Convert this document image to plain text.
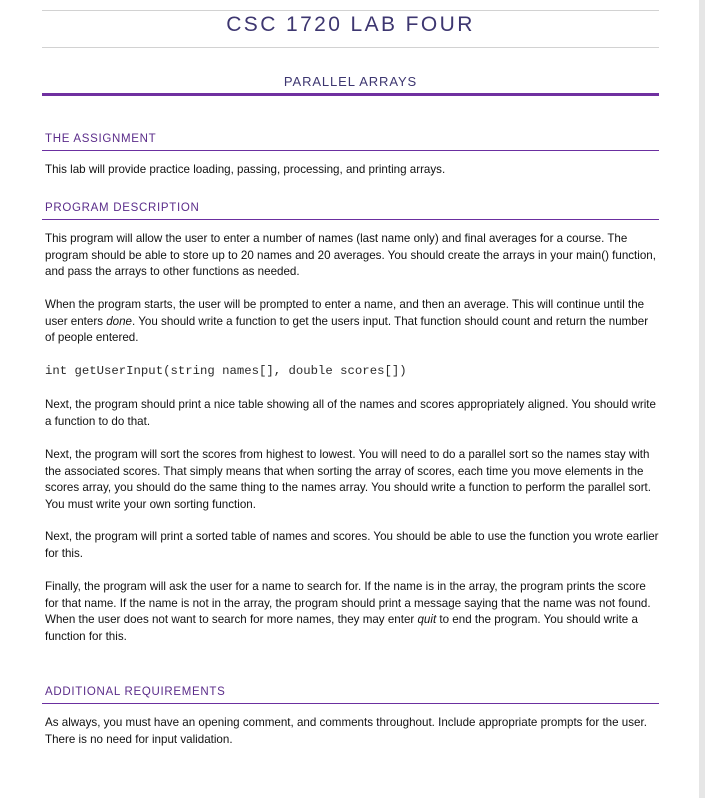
CSC 1720 LAB FOUR
PARALLEL ARRAYS
THE ASSIGNMENT
This lab will provide practice loading, passing, processing, and printing arrays.
PROGRAM DESCRIPTION
This program will allow the user to enter a number of names (last name only) and final averages for a course. The program should be able to store up to 20 names and 20 averages. You should create the arrays in your main() function, and pass the arrays to other functions as needed.
When the program starts, the user will be prompted to enter a name, and then an average. This will continue until the user enters done. You should write a function to get the users input. That function should count and return the number of people entered.
int getUserInput(string names[], double scores[])
Next, the program should print a nice table showing all of the names and scores appropriately aligned. You should write a function to do that.
Next, the program will sort the scores from highest to lowest. You will need to do a parallel sort so the names stay with the associated scores. That simply means that when sorting the array of scores, each time you move elements in the scores array, you should do the same thing to the names array. You should write a function to perform the parallel sort. You must write your own sorting function.
Next, the program will print a sorted table of names and scores. You should be able to use the function you wrote earlier for this.
Finally, the program will ask the user for a name to search for. If the name is in the array, the program prints the score for that name. If the name is not in the array, the program should print a message saying that the name was not found. When the user does not want to search for more names, they may enter quit to end the program. You should write a function for this.
ADDITIONAL REQUIREMENTS
As always, you must have an opening comment, and comments throughout. Include appropriate prompts for the user. There is no need for input validation.
